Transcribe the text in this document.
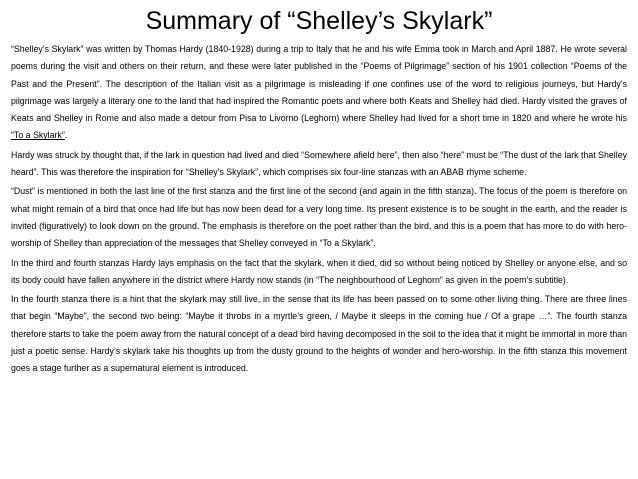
Summary of “Shelley’s Skylark”

“Shelley’s Skylark” was written by Thomas Hardy (1840-1928) during a trip to Italy that he and his wife Emma took in March and April 1887. He wrote several poems during the visit and others on their return, and these were later published in the “Poems of Pilgrimage” section of his 1901 collection “Poems of the Past and the Present”. The description of the Italian visit as a pilgrimage is misleading if one confines use of the word to religious journeys, but Hardy’s pilgrimage was largely a literary one to the land that had inspired the Romantic poets and where both Keats and Shelley had died. Hardy visited the graves of Keats and Shelley in Rome and also made a detour from Pisa to Livorno (Leghorn) where Shelley had lived for a short time in 1820 and where he wrote his “To a Skylark”.

Hardy was struck by thought that, if the lark in question had lived and died “Somewhere afield here”, then also “here” must be “The dust of the lark that Shelley heard”. This was therefore the inspiration for “Shelley’s Skylark”, which comprises six four-line stanzas with an ABAB rhyme scheme.

“Dust” is mentioned in both the last line of the first stanza and the first line of the second (and again in the fifth stanza). The focus of the poem is therefore on what might remain of a bird that once had life but has now been dead for a very long time. Its present existence is to be sought in the earth, and the reader is invited (figuratively) to look down on the ground. The emphasis is therefore on the poet rather than the bird, and this is a poem that has more to do with hero-worship of Shelley than appreciation of the messages that Shelley conveyed in “To a Skylark”.

In the third and fourth stanzas Hardy lays emphasis on the fact that the skylark, when it died, did so without being noticed by Shelley or anyone else, and so its body could have fallen anywhere in the district where Hardy now stands (in “The neighbourhood of Leghorn” as given in the poem’s subtitle).

In the fourth stanza there is a hint that the skylark may still live, in the sense that its life has been passed on to some other living thing. There are three lines that begin “Maybe”, the second two being: “Maybe it throbs in a myrtle’s green, / Maybe it sleeps in the coming hue / Of a grape …”. The fourth stanza therefore starts to take the poem away from the natural concept of a dead bird having decomposed in the soil to the idea that it might be immortal in more than just a poetic sense. Hardy’s skylark take his thoughts up from the dusty ground to the heights of wonder and hero-worship. In the fifth stanza this movement goes a stage further as a supernatural element is introduced.
